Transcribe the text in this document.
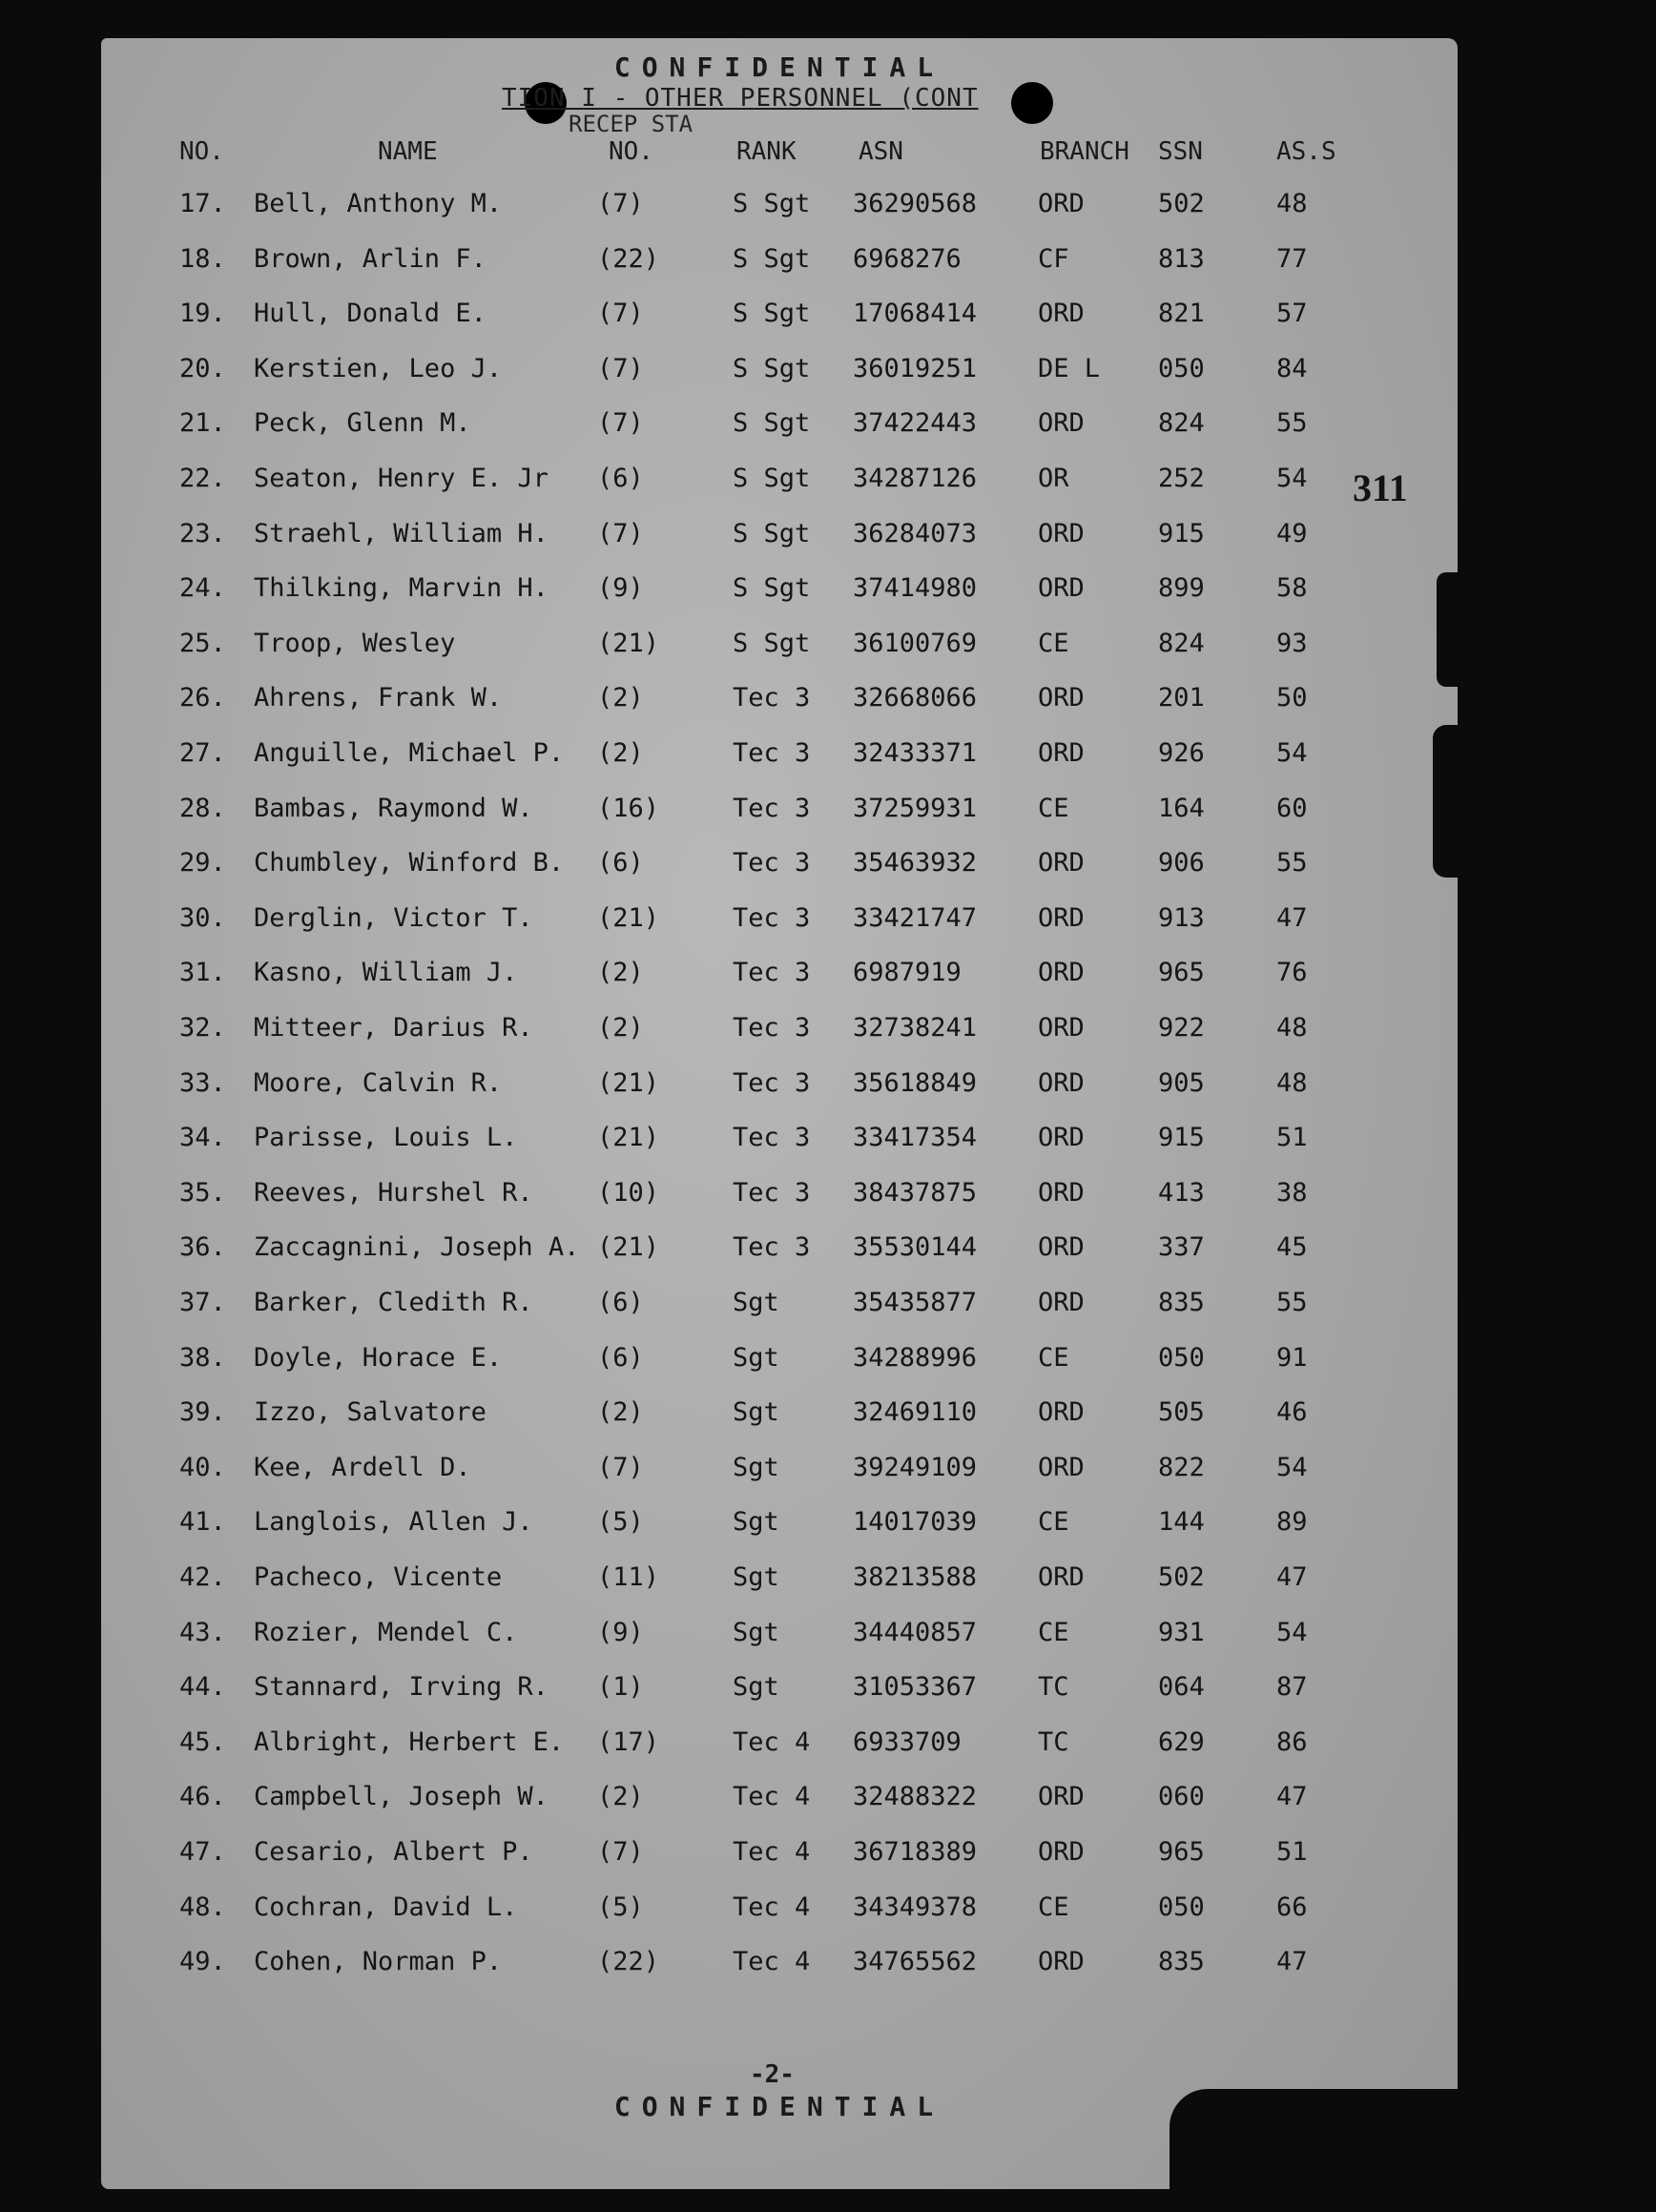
CONFIDENTIAL
TION I - OTHER PERSONNEL (CONT
RECEP STA
NO.	NAME	NO.	RANK	ASN	BRANCH SSN	AS.S
17. Bell, Anthony M.	(7)	S Sgt 36290568 ORD	502	48
18. Brown, Arlin F.	(22)	S Sgt 6968276	CF	813	77
19. Hull, Donald E.	(7)	S Sgt 17068414 ORD	821	57
20. Kerstien, Leo J.	(7)	S Sgt 36019251 DE L 050	84
21. Peck, Glenn M.	(7)	S Sgt 37422443 ORD	824	55
22. Seaton, Henry E. Jr (6)	S Sgt 34287126 OR	252	54
23. Straehl, William H. (7)	S Sgt 36284073 ORD	915	49
24. Thilking, Marvin H. (9)	S Sgt 37414980 ORD	899	58
25. Troop, Wesley	(21)	S Sgt 36100769 CE	824	93
26. Ahrens, Frank W.	(2)	Tec 3 32668066 ORD	201	50
27. Anguille, Michael P. (2)	Tec 3 32433371 ORD	926	54
28. Bambas, Raymond W. (16)	Tec 3 37259931 CE	164	60
29. Chumbley, Winford B. (6)	Tec 3 35463932 ORD	906	55
30. Derglin, Victor T. (21)	Tec 3 33421747 ORD	913	47
31. Kasno, William J.	(2)	Tec 3 6987919	ORD	965	76
32. Mitteer, Darius R. (2)	Tec 3 32738241 ORD	922	48
33. Moore, Calvin R.	(21)	Tec 3 35618849 ORD	905	48
34. Parisse, Louis L.	(21)	Tec 3 33417354 ORD	915	51
35. Reeves, Hurshel R. (10)	Tec 3 38437875 ORD	413	38
36. Zaccagnini, Joseph A. (21)	Tec 3 35530144 ORD	337	45
37. Barker, Cledith R. (6)	Sgt	35435877 ORD	835	55
38. Doyle, Horace E.	(6)	Sgt	34288996 CE	050	91
39. Izzo, Salvatore	(2)	Sgt	32469110 ORD	505	46
40. Kee, Ardell D.	(7)	Sgt	39249109 ORD	822	54
41. Langlois, Allen J. (5)	Sgt	14017039 CE	144	89
42. Pacheco, Vicente	(11)	Sgt	38213588 ORD	502	47
43. Rozier, Mendel C.	(9)	Sgt	34440857 CE	931	54
44. Stannard, Irving R. (1)	Sgt	31053367 TC	064	87
45. Albright, Herbert E. (17)	Tec 4 6933709	TC	629	86
46. Campbell, Joseph W. (2)	Tec 4 32488322 ORD	060	47
47. Cesario, Albert P. (7)	Tec 4 36718389 ORD	965	51
48. Cochran, David L.	(5)	Tec 4 34349378 CE	050	66
49. Cohen, Norman P.	(22)	Tec 4 34765562 ORD	835	47
311
-2-
CONFIDENTIAL
